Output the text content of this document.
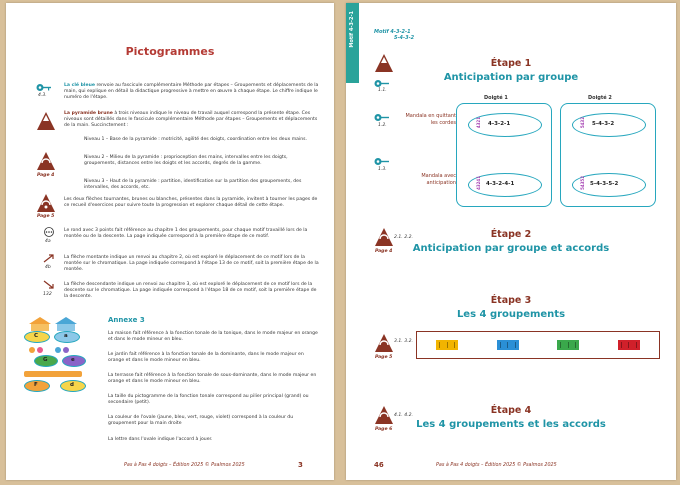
Pictogrammes
4.3.
La clé bleue renvoie au fascicule complémentaire Méthode par étapes – Groupements et déplacements de la main, qui explique en détail la didactique progressive à mettre en œuvre à chaque étape. Le chiffre indique le numéro de l'étape.
La pyramide brune à trois niveaux indique le niveau de travail auquel correspond la présente étape. Ces niveaux sont détaillés dans le fascicule complémentaire Méthode par étapes – Groupements et déplacements de la main. Succinctement :
Niveau 1 – Base de la pyramide : motricité, agilité des doigts, coordination entre les deux mains.
Niveau 2 – Milieu de la pyramide : proprioception des mains, intervalles entre les doigts, groupements, distances entre les doigts et les accords, degrés de la gamme.
Niveau 3 – Haut de la pyramide : partition, identification sur la partition des groupements, des intervalles, des accords, etc.
Page 4
Page 5
Les deux flèches tournantes, brunes ou blanches, présentes dans la pyramide, invitent à tourner les pages de ce recueil d'exercices pour suivre toute la progression et explorer chaque détail de cette étape.
4a
Le rond avec 3 points fait référence au chapitre 1 des groupements, pour chaque motif travaillé lors de la montée ou de la descente. La page indiquée correspond à la première étape de ce motif.
4b
La flèche montante indique un renvoi au chapitre 2, où est exploré le déplacement de ce motif lors de la montée sur le chromatique. La page indiquée correspond à l'étape 13 de ce motif, soit la première étape de la montée.
132
La flèche descendante indique un renvoi au chapitre 3, où est exploré le déplacement de ce motif lors de la descente sur le chromatique. La page indiquée correspond à l'étape 18 de ce motif, soit la première étape de la descente.
Annexe 3
C	a
G	e
F	d
La maison fait référence à la fonction tonale de la tonique, dans le mode majeur en orange et dans le mode mineur en bleu.
Le jardin fait référence à la fonction tonale de la dominante, dans le mode majeur en orange et dans le mode mineur en bleu.
La terrasse fait référence à la fonction tonale de sous-dominante, dans le mode majeur en orange et dans le mode mineur en bleu.
La taille du pictogramme de la fonction tonale correspond au pilier principal (grand) ou secondaire (petit).
La couleur de l'ovale (jaune, bleu, vert, rouge, violet) correspond à la couleur du groupement pour la main droite
La lettre dans l'ovale indique l'accord à jouer.
Pas à Pas 4 doigts – Édition 2025 © Psalmos 2025	3
Motif 4-3-2-1	Motif 4-3-2-1
5-4-3-2
1.1.
Étape 1
Anticipation par groupe
1.2.
1.3.
Doigté 1	Doigté 2
Mandala en quittant les cordes
Mandala avec anticipation
4321 4-3-2-1	5432 5-4-3-2
43241 4-3-2-4-1	54352 5-4-3-5-2
2.1. 2.2.
Page 4
Étape 2
Anticipation par groupe et accords
Étape 3
Les 4 groupements
3.1. 3.2.
Page 5
4.1. 4.2.
Page 6
Étape 4
Les 4 groupements et les accords
46	Pas à Pas 4 doigts – Édition 2025 © Psalmos 2025
